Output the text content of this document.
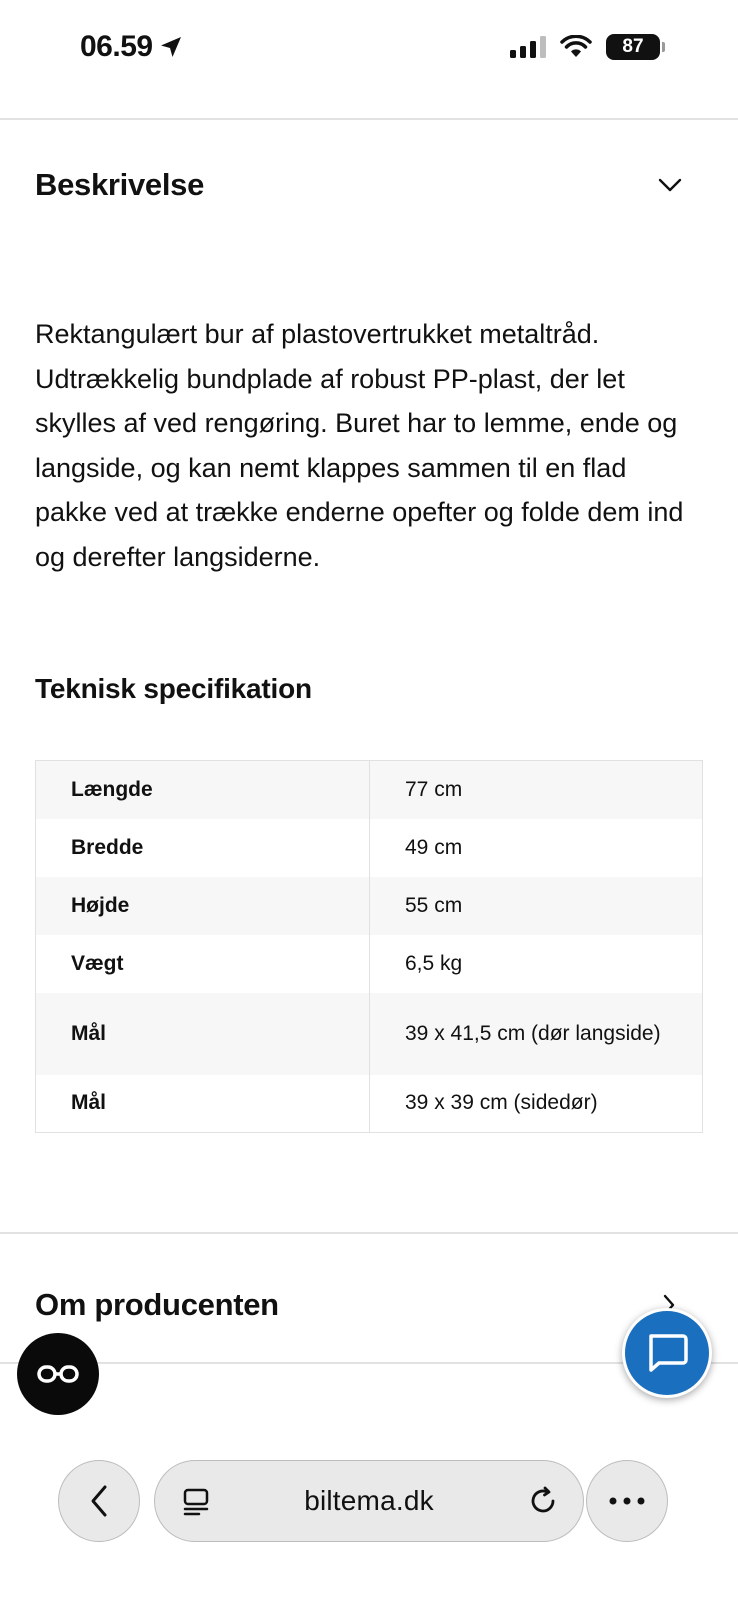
06.59	87
Beskrivelse

Rektangulært bur af plastovertrukket metaltråd. Udtrækkelig bundplade af robust PP-plast, der let skylles af ved rengøring. Buret har to lemme, ende og langside, og kan nemt klappes sammen til en flad pakke ved at trække enderne opefter og folde dem ind og derefter langsiderne.

Teknisk specifikation
Længde	77 cm
Bredde	49 cm
Højde	55 cm
Vægt	6,5 kg
Mål	39 x 41,5 cm (dør langside)
Mål	39 x 39 cm (sidedør)
Om producenten
biltema.dk
